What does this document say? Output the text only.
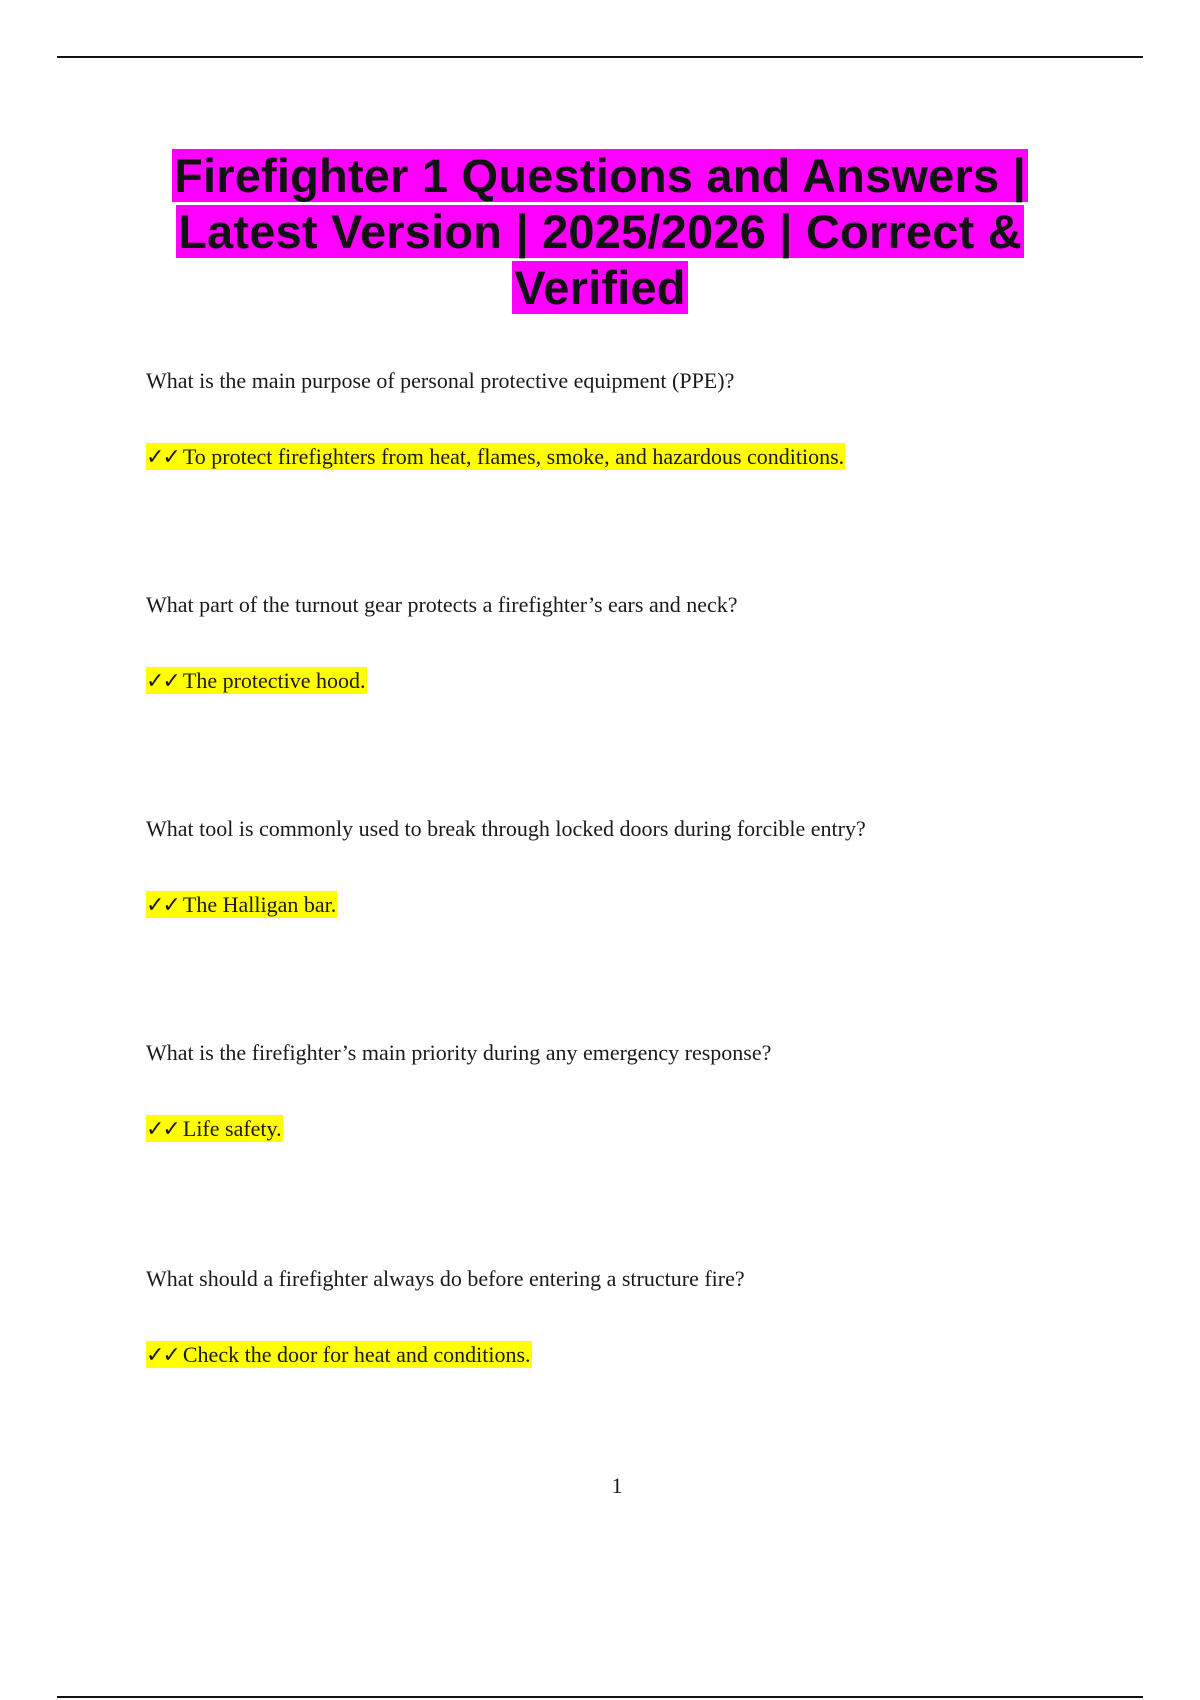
Firefighter 1 Questions and Answers | Latest Version | 2025/2026 | Correct & Verified

What is the main purpose of personal protective equipment (PPE)?

✓✓ To protect firefighters from heat, flames, smoke, and hazardous conditions.

What part of the turnout gear protects a firefighter’s ears and neck?

✓✓ The protective hood.

What tool is commonly used to break through locked doors during forcible entry?

✓✓ The Halligan bar.

What is the firefighter’s main priority during any emergency response?

✓✓ Life safety.

What should a firefighter always do before entering a structure fire?

✓✓ Check the door for heat and conditions.

1
